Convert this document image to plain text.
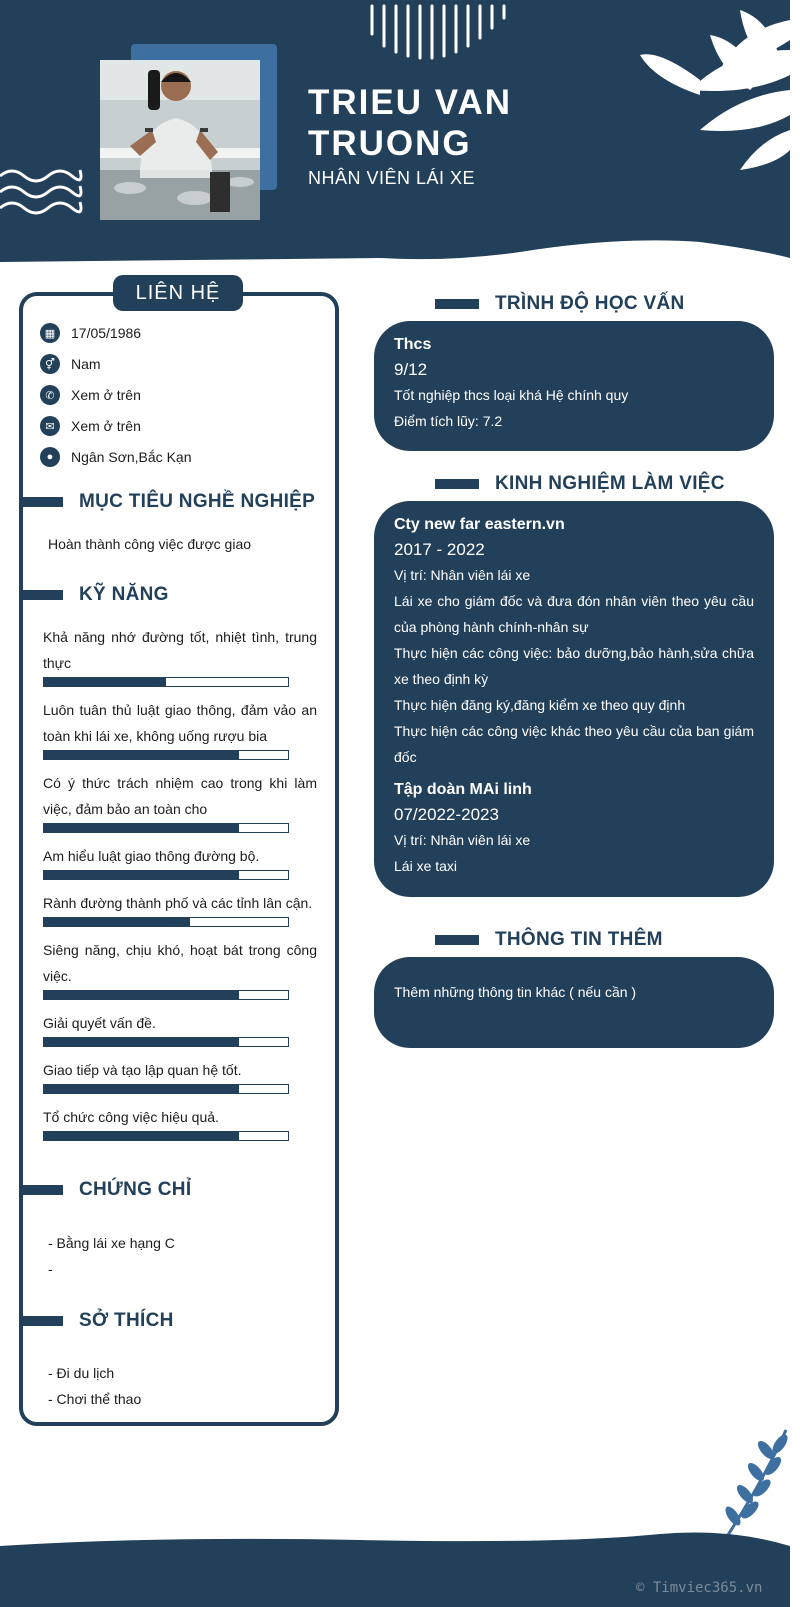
TRIEU VAN TRUONG
NHÂN VIÊN LÁI XE
LIÊN HỆ
▦	17/05/1986
⚥	Nam
✆	Xem ở trên
✉	Xem ở trên
●	Ngân Sơn,Bắc Kạn
MỤC TIÊU NGHỀ NGHIỆP
Hoàn thành công việc được giao
KỸ NĂNG
Khả năng nhớ đường tốt, nhiệt tình, trung thực
Luôn tuân thủ luật giao thông, đảm vảo an toàn khi lái xe, không uống rượu bia
Có ý thức trách nhiệm cao trong khi làm việc, đảm bảo an toàn cho
Am hiểu luật giao thông đường bộ.
Rành đường thành phố và các tỉnh lân cận.
Siêng năng, chịu khó, hoạt bát trong công việc.
Giải quyết vấn đề.
Giao tiếp và tạo lập quan hệ tốt.
Tổ chức công việc hiệu quả.
CHỨNG CHỈ
- Bằng lái xe hạng C
-
SỞ THÍCH
- Đi du lịch
- Chơi thể thao
TRÌNH ĐỘ HỌC VẤN
Thcs
9/12
Tốt nghiệp thcs loại khá Hệ chính quy
Điểm tích lũy: 7.2
KINH NGHIỆM LÀM VIỆC
Cty new far eastern.vn
2017 - 2022
Vị trí: Nhân viên lái xe
Lái xe cho giám đốc và đưa đón nhân viên theo yêu cầu của phòng hành chính-nhân sự
Thực hiện các công việc: bảo dưỡng,bảo hành,sửa chữa xe theo định kỳ
Thực hiện đăng ký,đăng kiểm xe theo quy định
Thực hiện các công việc khác theo yêu cầu của ban giám đốc
Tập doàn MAi linh
07/2022-2023
Vị trí: Nhân viên lái xe
Lái xe taxi
THÔNG TIN THÊM
Thêm những thông tin khác ( nếu cần )
© Timviec365.vn
